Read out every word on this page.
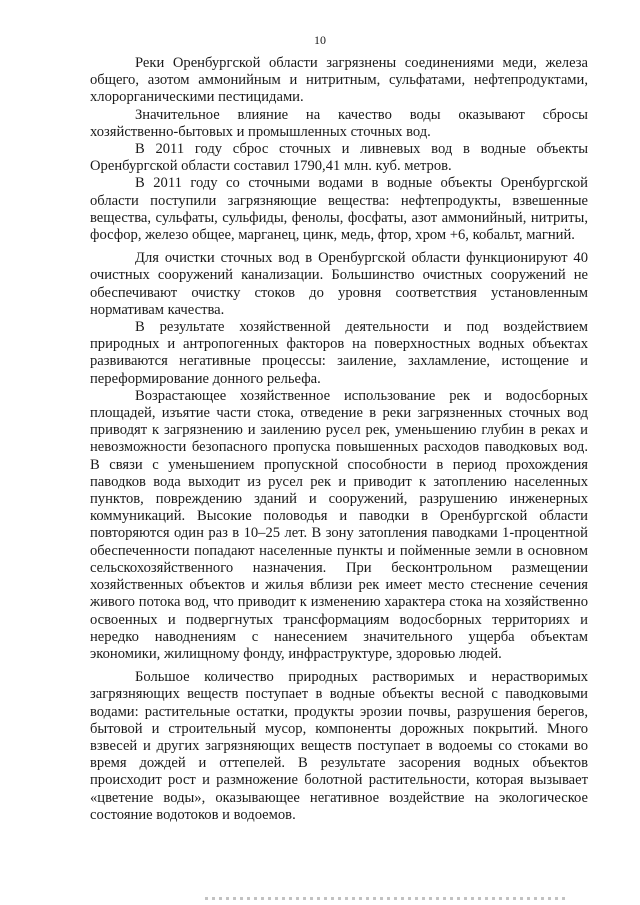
10

Реки Оренбургской области загрязнены соединениями меди, железа общего, азотом аммонийным и нитритным, сульфатами, нефтепродуктами, хлорорганическими пестицидами.

Значительное влияние на качество воды оказывают сбросы хозяйственно-бытовых и промышленных сточных вод.

В 2011 году сброс сточных и ливневых вод в водные объекты Оренбургской области составил 1790,41 млн. куб. метров.

В 2011 году со сточными водами в водные объекты Оренбургской области поступили загрязняющие вещества: нефтепродукты, взвешенные вещества, сульфаты, сульфиды, фенолы, фосфаты, азот аммонийный, нитриты, фосфор, железо общее, марганец, цинк, медь, фтор, хром +6, кобальт, магний.

Для очистки сточных вод в Оренбургской области функционируют 40 очистных сооружений канализации. Большинство очистных сооружений не обеспечивают очистку стоков до уровня соответствия установленным нормативам качества.

В результате хозяйственной деятельности и под воздействием природных и антропогенных факторов на поверхностных водных объектах развиваются негативные процессы: заиление, захламление, истощение и переформирование донного рельефа.

Возрастающее хозяйственное использование рек и водосборных площадей, изъятие части стока, отведение в реки загрязненных сточных вод приводят к загрязнению и заилению русел рек, уменьшению глубин в реках и невозможности безопасного пропуска повышенных расходов паводковых вод. В связи с уменьшением пропускной способности в период прохождения паводков вода выходит из русел рек и приводит к затоплению населенных пунктов, повреждению зданий и сооружений, разрушению инженерных коммуникаций. Высокие половодья и паводки в Оренбургской области повторяются один раз в 10–25 лет. В зону затопления паводками 1-процентной обеспеченности попадают населенные пункты и пойменные земли в основном сельскохозяйственного назначения. При бесконтрольном размещении хозяйственных объектов и жилья вблизи рек имеет место стеснение сечения живого потока вод, что приводит к изменению характера стока на хозяйственно освоенных и подвергнутых трансформациям водосборных территориях и нередко наводнениям с нанесением значительного ущерба объектам экономики, жилищному фонду, инфраструктуре, здоровью людей.

Большое количество природных растворимых и нерастворимых загрязняющих веществ поступает в водные объекты весной с паводковыми водами: растительные остатки, продукты эрозии почвы, разрушения берегов, бытовой и строительный мусор, компоненты дорожных покрытий. Много взвесей и других загрязняющих веществ поступает в водоемы со стоками во время дождей и оттепелей. В результате засорения водных объектов происходит рост и размножение болотной растительности, которая вызывает «цветение воды», оказывающее негативное воздействие на экологическое состояние водотоков и водоемов.
